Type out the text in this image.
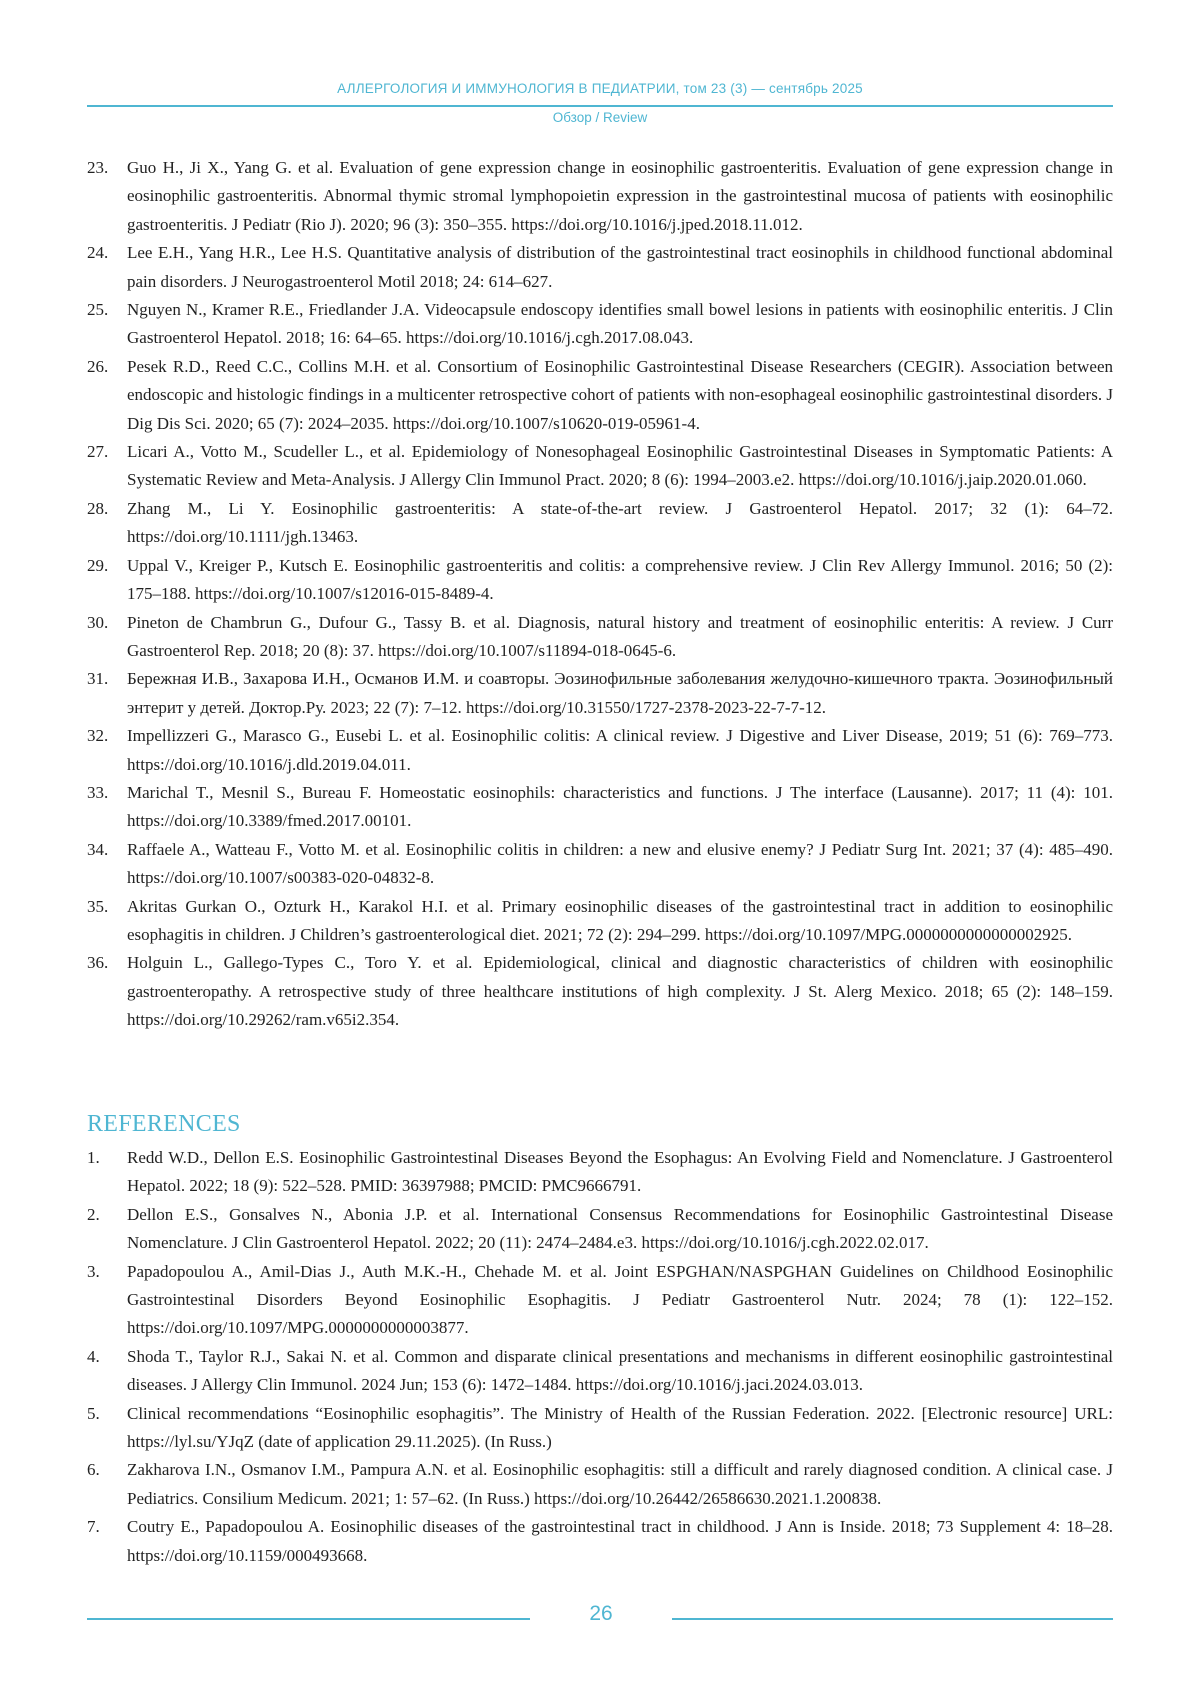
АЛЛЕРГОЛОГИЯ И ИММУНОЛОГИЯ В ПЕДИАТРИИ, том 23 (3) — сентябрь 2025
Обзор / Review
23.	Guo H., Ji X., Yang G. et al. Evaluation of gene expression change in eosinophilic gastroenteritis. Evaluation of gene expression change in eosinophilic gastroenteritis. Abnormal thymic stromal lymphopoietin expression in the gastrointestinal mucosa of patients with eosinophilic gastroenteritis. J Pediatr (Rio J). 2020; 96 (3): 350–355. https://doi.org/10.1016/j.jped.2018.11.012.
24.	Lee E.H., Yang H.R., Lee H.S. Quantitative analysis of distribution of the gastrointestinal tract eosinophils in childhood functional abdominal pain disorders. J Neurogastroenterol Motil 2018; 24: 614–627.
25.	Nguyen N., Kramer R.E., Friedlander J.A. Videocapsule endoscopy identifies small bowel lesions in patients with eosinophilic enteritis. J Clin Gastroenterol Hepatol. 2018; 16: 64–65. https://doi.org/10.1016/j.cgh.2017.08.043.
26.	Pesek R.D., Reed C.C., Collins M.H. et al. Consortium of Eosinophilic Gastrointestinal Disease Researchers (CEGIR). Association between endoscopic and histologic findings in a multicenter retrospective cohort of patients with non-esophageal eosinophilic gastrointestinal disorders. J Dig Dis Sci. 2020; 65 (7): 2024–2035. https://doi.org/10.1007/s10620-019-05961-4.
27.	Licari A., Votto M., Scudeller L., et al. Epidemiology of Nonesophageal Eosinophilic Gastrointestinal Diseases in Symptomatic Patients: A Systematic Review and Meta-Analysis. J Allergy Clin Immunol Pract. 2020; 8 (6): 1994–2003.e2. https://doi.org/10.1016/j.jaip.2020.01.060.
28.	Zhang M., Li Y. Eosinophilic gastroenteritis: A state-of-the-art review. J Gastroenterol Hepatol. 2017; 32 (1): 64–72. https://doi.org/10.1111/jgh.13463.
29.	Uppal V., Kreiger P., Kutsch E. Eosinophilic gastroenteritis and colitis: a comprehensive review. J Clin Rev Allergy Immunol. 2016; 50 (2): 175–188. https://doi.org/10.1007/s12016-015-8489-4.
30.	Pineton de Chambrun G., Dufour G., Tassy B. et al. Diagnosis, natural history and treatment of eosinophilic enteritis: A review. J Curr Gastroenterol Rep. 2018; 20 (8): 37. https://doi.org/10.1007/s11894-018-0645-6.
31.	Бережная И.В., Захарова И.Н., Османов И.М. и соавторы. Эозинофильные заболевания желудочно-кишечного тракта. Эозинофильный энтерит у детей. Доктор.Ру. 2023; 22 (7): 7–12. https://doi.org/10.31550/1727-2378-2023-22-7-7-12.
32.	Impellizzeri G., Marasco G., Eusebi L. et al. Eosinophilic colitis: A clinical review. J Digestive and Liver Disease, 2019; 51 (6): 769–773. https://doi.org/10.1016/j.dld.2019.04.011.
33.	Marichal T., Mesnil S., Bureau F. Homeostatic eosinophils: characteristics and functions. J The interface (Lausanne). 2017; 11 (4): 101. https://doi.org/10.3389/fmed.2017.00101.
34.	Raffaele A., Watteau F., Votto M. et al. Eosinophilic colitis in children: a new and elusive enemy? J Pediatr Surg Int. 2021; 37 (4): 485–490. https://doi.org/10.1007/s00383-020-04832-8.
35.	Akritas Gurkan O., Ozturk H., Karakol H.I. et al. Primary eosinophilic diseases of the gastrointestinal tract in addition to eosinophilic esophagitis in children. J Children’s gastroenterological diet. 2021; 72 (2): 294–299. https://doi.org/10.1097/MPG.0000000000000002925.
36.	Holguin L., Gallego-Types C., Toro Y. et al. Epidemiological, clinical and diagnostic characteristics of children with eosinophilic gastroenteropathy. A retrospective study of three healthcare institutions of high complexity. J St. Alerg Mexico. 2018; 65 (2): 148–159. https://doi.org/10.29262/ram.v65i2.354.
REFERENCES
1.	Redd W.D., Dellon E.S. Eosinophilic Gastrointestinal Diseases Beyond the Esophagus: An Evolving Field and Nomenclature. J Gastroenterol Hepatol. 2022; 18 (9): 522–528. PMID: 36397988; PMCID: PMC9666791.
2.	Dellon E.S., Gonsalves N., Abonia J.P. et al. International Consensus Recommendations for Eosinophilic Gastrointestinal Disease Nomenclature. J Clin Gastroenterol Hepatol. 2022; 20 (11): 2474–2484.e3. https://doi.org/10.1016/j.cgh.2022.02.017.
3.	Papadopoulou A., Amil-Dias J., Auth M.K.-H., Chehade M. et al. Joint ESPGHAN/NASPGHAN Guidelines on Childhood Eosinophilic Gastrointestinal Disorders Beyond Eosinophilic Esophagitis. J Pediatr Gastroenterol Nutr. 2024; 78 (1): 122–152. https://doi.org/10.1097/MPG.0000000000003877.
4.	Shoda T., Taylor R.J., Sakai N. et al. Common and disparate clinical presentations and mechanisms in different eosinophilic gastrointestinal diseases. J Allergy Clin Immunol. 2024 Jun; 153 (6): 1472–1484. https://doi.org/10.1016/j.jaci.2024.03.013.
5.	Clinical recommendations “Eosinophilic esophagitis”. The Ministry of Health of the Russian Federation. 2022. [Electronic resource] URL: https://lyl.su/YJqZ (date of application 29.11.2025). (In Russ.)
6.	Zakharova I.N., Osmanov I.M., Pampura A.N. et al. Eosinophilic esophagitis: still a difficult and rarely diagnosed condition. A clinical case. J Pediatrics. Consilium Medicum. 2021; 1: 57–62. (In Russ.) https://doi.org/10.26442/26586630.2021.1.200838.
7.	Coutry E., Papadopoulou A. Eosinophilic diseases of the gastrointestinal tract in childhood. J Ann is Inside. 2018; 73 Supplement 4: 18–28. https://doi.org/10.1159/000493668.
26
